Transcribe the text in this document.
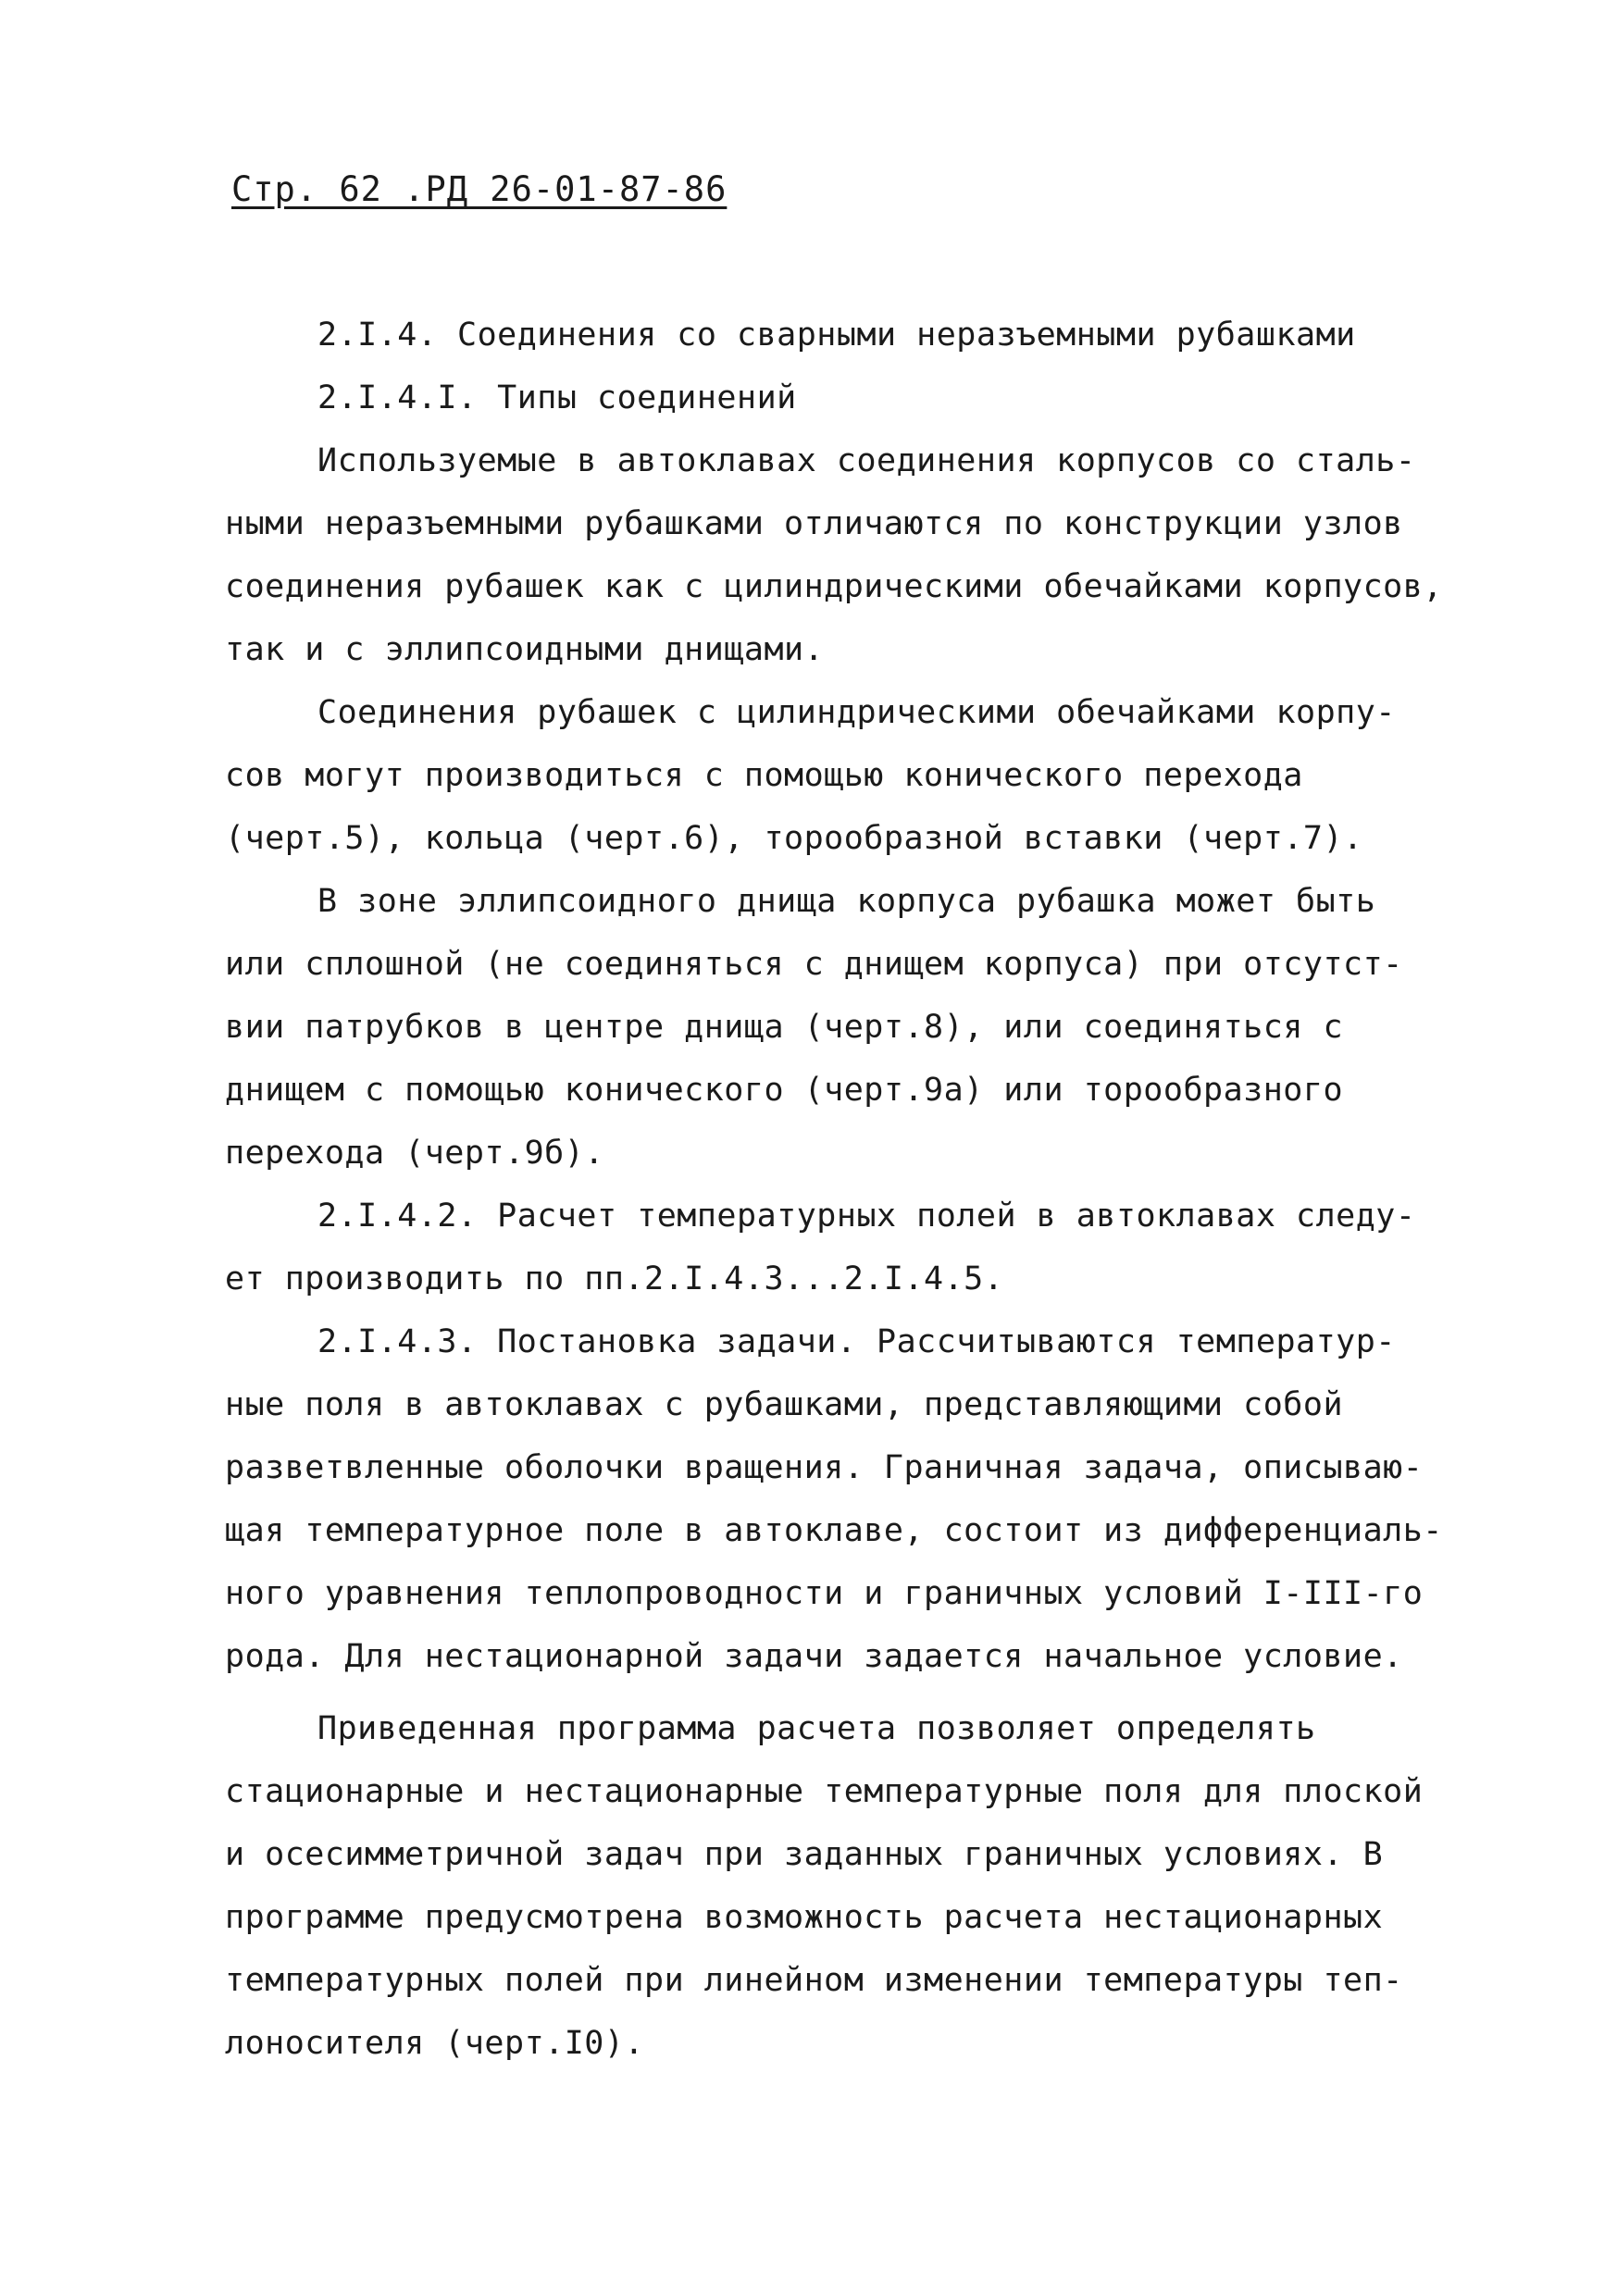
Стр. 62 .РД 26-01-87-86
2.I.4. Соединения со сварными неразъемными рубашками
2.I.4.I. Типы соединений
Используемые в автоклавах соединения корпусов со сталь-
ными неразъемными рубашками отличаются по конструкции узлов
соединения рубашек как с цилиндрическими обечайками корпусов,
так и с эллипсоидными днищами.
Соединения рубашек с цилиндрическими обечайками корпу-
сов могут производиться с помощью конического перехода
(черт.5), кольца (черт.6), торообразной вставки (черт.7).
В зоне эллипсоидного днища корпуса рубашка может быть
или сплошной (не соединяться с днищем корпуса) при отсутст-
вии патрубков в центре днища (черт.8), или соединяться с
днищем с помощью конического (черт.9а) или торообразного
перехода (черт.9б).
2.I.4.2. Расчет температурных полей в автоклавах следу-
ет производить по пп.2.I.4.3...2.I.4.5.
2.I.4.3. Постановка задачи. Рассчитываются температур-
ные поля в автоклавах с рубашками, представляющими собой
разветвленные оболочки вращения. Граничная задача, описываю-
щая температурное поле в автоклаве, состоит из дифференциаль-
ного уравнения теплопроводности и граничных условий I-III-го
рода. Для нестационарной задачи задается начальное условие.
Приведенная программа расчета позволяет определять
стационарные и нестационарные температурные поля для плоской
и осесимметричной задач при заданных граничных условиях. В
программе предусмотрена возможность расчета нестационарных
температурных полей при линейном изменении температуры теп-
лоносителя (черт.I0).
